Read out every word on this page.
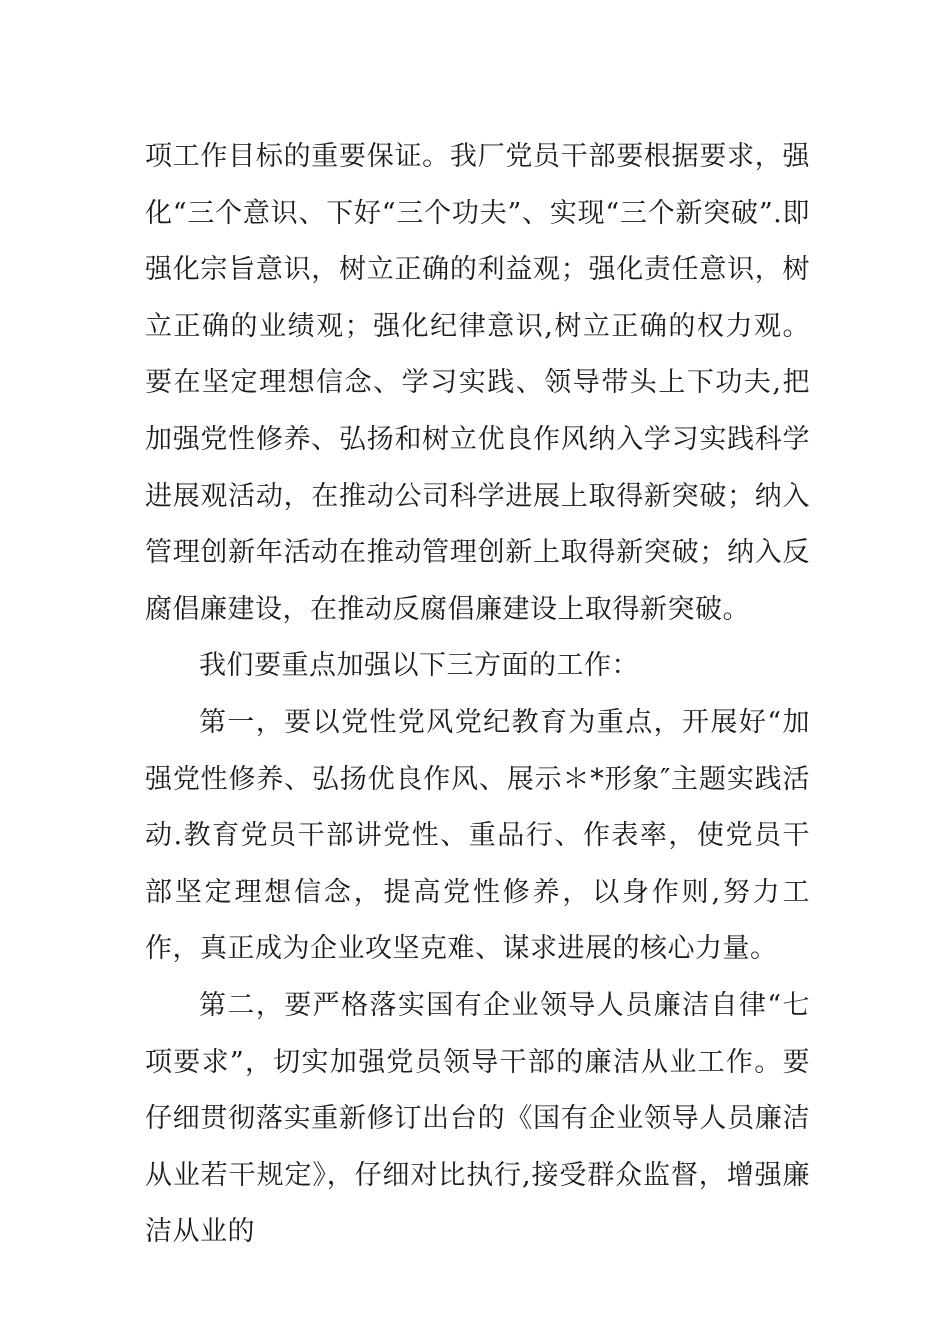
项工作目标的重要保证。我厂党员干部要根据要求，强化“三个意识、下好“三个功夫”、实现“三个新突破”.即强化宗旨意识，树立正确的利益观；强化责任意识，树立正确的业绩观；强化纪律意识,树立正确的权力观。要在坚定理想信念、学习实践、领导带头上下功夫,把加强党性修养、弘扬和树立优良作风纳入学习实践科学进展观活动，在推动公司科学进展上取得新突破；纳入管理创新年活动在推动管理创新上取得新突破；纳入反腐倡廉建设，在推动反腐倡廉建设上取得新突破。

我们要重点加强以下三方面的工作：

第一，要以党性党风党纪教育为重点，开展好“加强党性修养、弘扬优良作风、展示＊*形象″主题实践活动.教育党员干部讲党性、重品行、作表率，使党员干部坚定理想信念，提高党性修养，以身作则,努力工作，真正成为企业攻坚克难、谋求进展的核心力量。

第二，要严格落实国有企业领导人员廉洁自律“七项要求”，切实加强党员领导干部的廉洁从业工作。要仔细贯彻落实重新修订出台的《国有企业领导人员廉洁从业若干规定》，仔细对比执行,接受群众监督，增强廉洁从业的
